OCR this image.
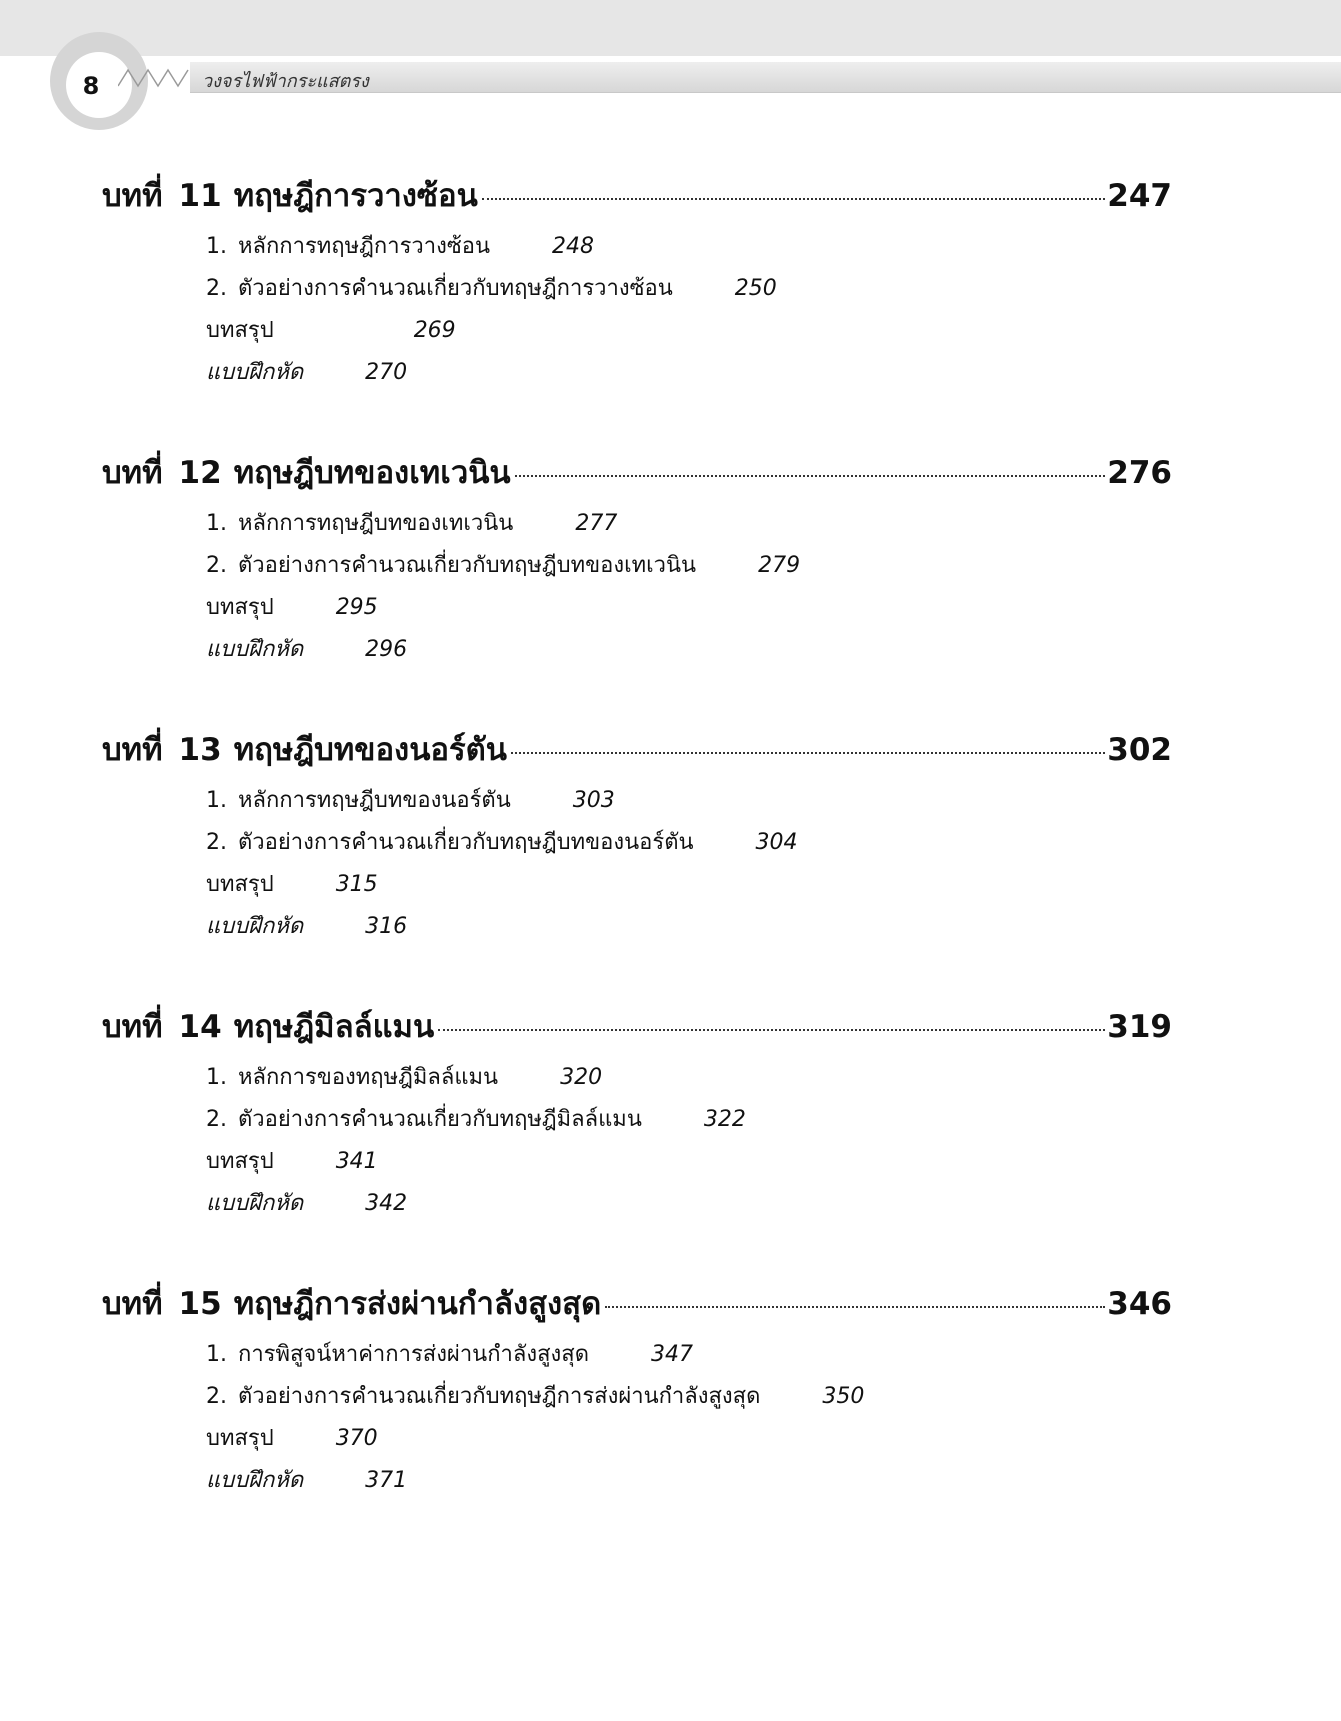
8	วงจรไฟฟ้ากระแสตรง
บทที่ 11 ทฤษฎีการวางซ้อน	247
1. หลักการทฤษฎีการวางซ้อน	248
2. ตัวอย่างการคำนวณเกี่ยวกับทฤษฎีการวางซ้อน	250
บทสรุป	269
แบบฝึกหัด	270
บทที่ 12 ทฤษฎีบทของเทเวนิน	276
1. หลักการทฤษฎีบทของเทเวนิน	277
2. ตัวอย่างการคำนวณเกี่ยวกับทฤษฎีบทของเทเวนิน	279
บทสรุป	295
แบบฝึกหัด	296
บทที่ 13 ทฤษฎีบทของนอร์ตัน	302
1. หลักการทฤษฎีบทของนอร์ตัน	303
2. ตัวอย่างการคำนวณเกี่ยวกับทฤษฎีบทของนอร์ตัน	304
บทสรุป	315
แบบฝึกหัด	316
บทที่ 14 ทฤษฎีมิลล์แมน	319
1. หลักการของทฤษฎีมิลล์แมน	320
2. ตัวอย่างการคำนวณเกี่ยวกับทฤษฎีมิลล์แมน	322
บทสรุป	341
แบบฝึกหัด	342
บทที่ 15 ทฤษฎีการส่งผ่านกำลังสูงสุด	346
1. การพิสูจน์หาค่าการส่งผ่านกำลังสูงสุด	347
2. ตัวอย่างการคำนวณเกี่ยวกับทฤษฎีการส่งผ่านกำลังสูงสุด	350
บทสรุป	370
แบบฝึกหัด	371
